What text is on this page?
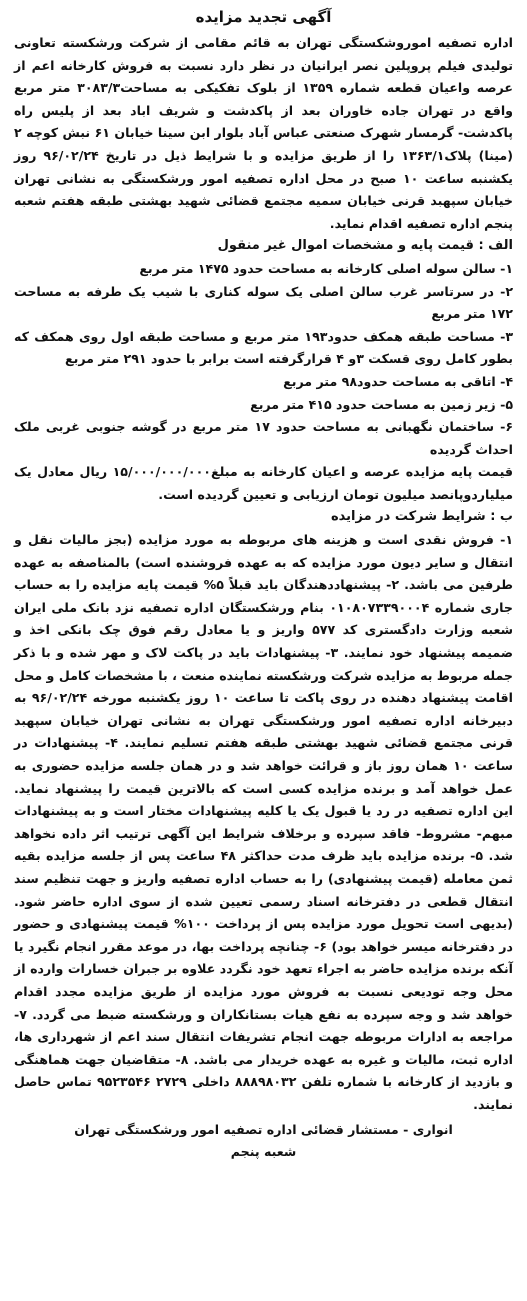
آگهی تجدید مزایده

اداره تصفیه اموروشکستگی تهران به قائم مقامی از شرکت ورشکسته تعاونی تولیدی فیلم پروپلین نصر ایرانیان در نظر دارد نسبت به فروش کارخانه اعم از عرصه واعیان قطعه شماره ۱۳۵۹ از بلوک تفکیکی به مساحت۳۰۸۳/۳ متر مربع واقع در تهران جاده خاوران بعد از پاکدشت و شریف اباد بعد از پلیس راه پاکدشت- گرمسار شهرک صنعتی عباس آباد بلوار ابن سینا خیابان ۶۱ نبش کوچه ۲ (مینا) پلاک۱۳۶۳/۱ را از طریق مزایده و با شرایط ذیل در تاریخ ۹۶/۰۲/۲۴ روز یکشنبه ساعت ۱۰ صبح در محل اداره تصفیه امور ورشکستگی به نشانی تهران خیابان سپهبد قرنی خیابان سمیه مجتمع قضائی شهید بهشتی طبقه هفتم شعبه پنجم اداره تصفیه اقدام نماید.

الف : قیمت پایه و مشخصات اموال غیر منقول

۱- سالن سوله اصلی کارخانه به مساحت حدود ۱۴۷۵ متر مربع

۲- در سرتاسر غرب سالن اصلی یک سوله کناری با شیب یک طرفه به مساحت ۱۷۲ متر مربع

۳- مساحت طبقه همکف حدود۱۹۳ متر مربع و مساحت طبقه اول روی همکف که بطور کامل روی قسکت ۳و ۴ قرارگرفته است برابر با حدود ۲۹۱ متر مربع

۴- اتاقی به مساحت حدود۹۸ متر مربع

۵- زیر زمین به مساحت حدود ۴۱۵ متر مربع

۶- ساختمان نگهبانی به مساحت حدود ۱۷ متر مربع در گوشه جنوبی غربی ملک احداث گردیده

قیمت پایه مزایده عرصه و اعیان کارخانه به مبلغ۱۵/۰۰۰/۰۰۰/۰۰۰ ریال معادل یک میلیاردوپانصد میلیون تومان ارزیابی و تعیین گردیده است.

ب : شرایط شرکت در مزایده

۱- فروش نقدی است و هزینه های مربوطه به مورد مزایده (بجز مالیات نقل و انتقال و سایر دیون مورد مزایده که به عهده فروشنده است) بالمناصفه به عهده طرفین می باشد. ۲- پیشنهاددهندگان باید قبلاً ۵% قیمت پایه مزایده را به حساب جاری شماره ۰۱۰۸۰۷۳۳۹۰۰۰۴ بنام ورشکستگان اداره تصفیه نزد بانک ملی ایران شعبه وزارت دادگستری کد ۵۷۷ واریز و یا معادل رقم فوق چک بانکی اخذ و ضمیمه پیشنهاد خود نمایند. ۳- پیشنهادات باید در پاکت لاک و مهر شده و با ذکر جمله مربوط به مزایده شرکت ورشکسته نماینده منعت ، با مشخصات کامل و محل اقامت پیشنهاد دهنده در روی پاکت تا ساعت ۱۰ روز یکشنبه مورخه ۹۶/۰۲/۲۴ به دبیرخانه اداره تصفیه امور ورشکستگی تهران به نشانی تهران خیابان سپهبد قرنی مجتمع قضائی شهید بهشتی طبقه هفتم تسلیم نمایند. ۴- پیشنهادات در ساعت ۱۰ همان روز باز و قرائت خواهد شد و در همان جلسه مزایده حضوری به عمل خواهد آمد و برنده مزایده کسی است که بالاترین قیمت را پیشنهاد نماید. این اداره تصفیه در رد یا قبول یک یا کلیه پیشنهادات مختار است و به پیشنهادات مبهم- مشروط- فاقد سپرده و برخلاف شرایط این آگهی ترتیب اثر داده نخواهد شد. ۵- برنده مزایده باید ظرف مدت حداکثر ۴۸ ساعت پس از جلسه مزایده بقیه ثمن معامله (قیمت پیشنهادی) را به حساب اداره تصفیه واریز و جهت تنظیم سند انتقال قطعی در دفترخانه اسناد رسمی تعیین شده از سوی اداره حاضر شود. (بدیهی است تحویل مورد مزایده پس از پرداخت ۱۰۰% قیمت پیشنهادی و حضور در دفترخانه میسر خواهد بود) ۶- چنانچه پرداخت بها، در موعد مقرر انجام نگیرد یا آنکه برنده مزایده حاضر به اجراء تعهد خود نگردد علاوه بر جبران خسارات وارده از محل وجه تودیعی نسبت به فروش مورد مزایده از طریق مزایده مجدد اقدام خواهد شد و وجه سپرده به نفع هیات بستانکاران و ورشکسته ضبط می گردد. ۷- مراجعه به ادارات مربوطه جهت انجام تشریفات انتقال سند اعم از شهرداری ها، اداره ثبت، مالیات و غیره به عهده خریدار می باشد. ۸- متقاضیان جهت هماهنگی و بازدید از کارخانه با شماره تلفن ۸۸۸۹۸۰۳۲ داخلی ۲۷۲۹ ۹۵۲۳۵۴۶ تماس حاصل نمایند.

انواری - مستشار قضائی اداره تصفیه امور ورشکستگی تهران
شعبه پنجم
